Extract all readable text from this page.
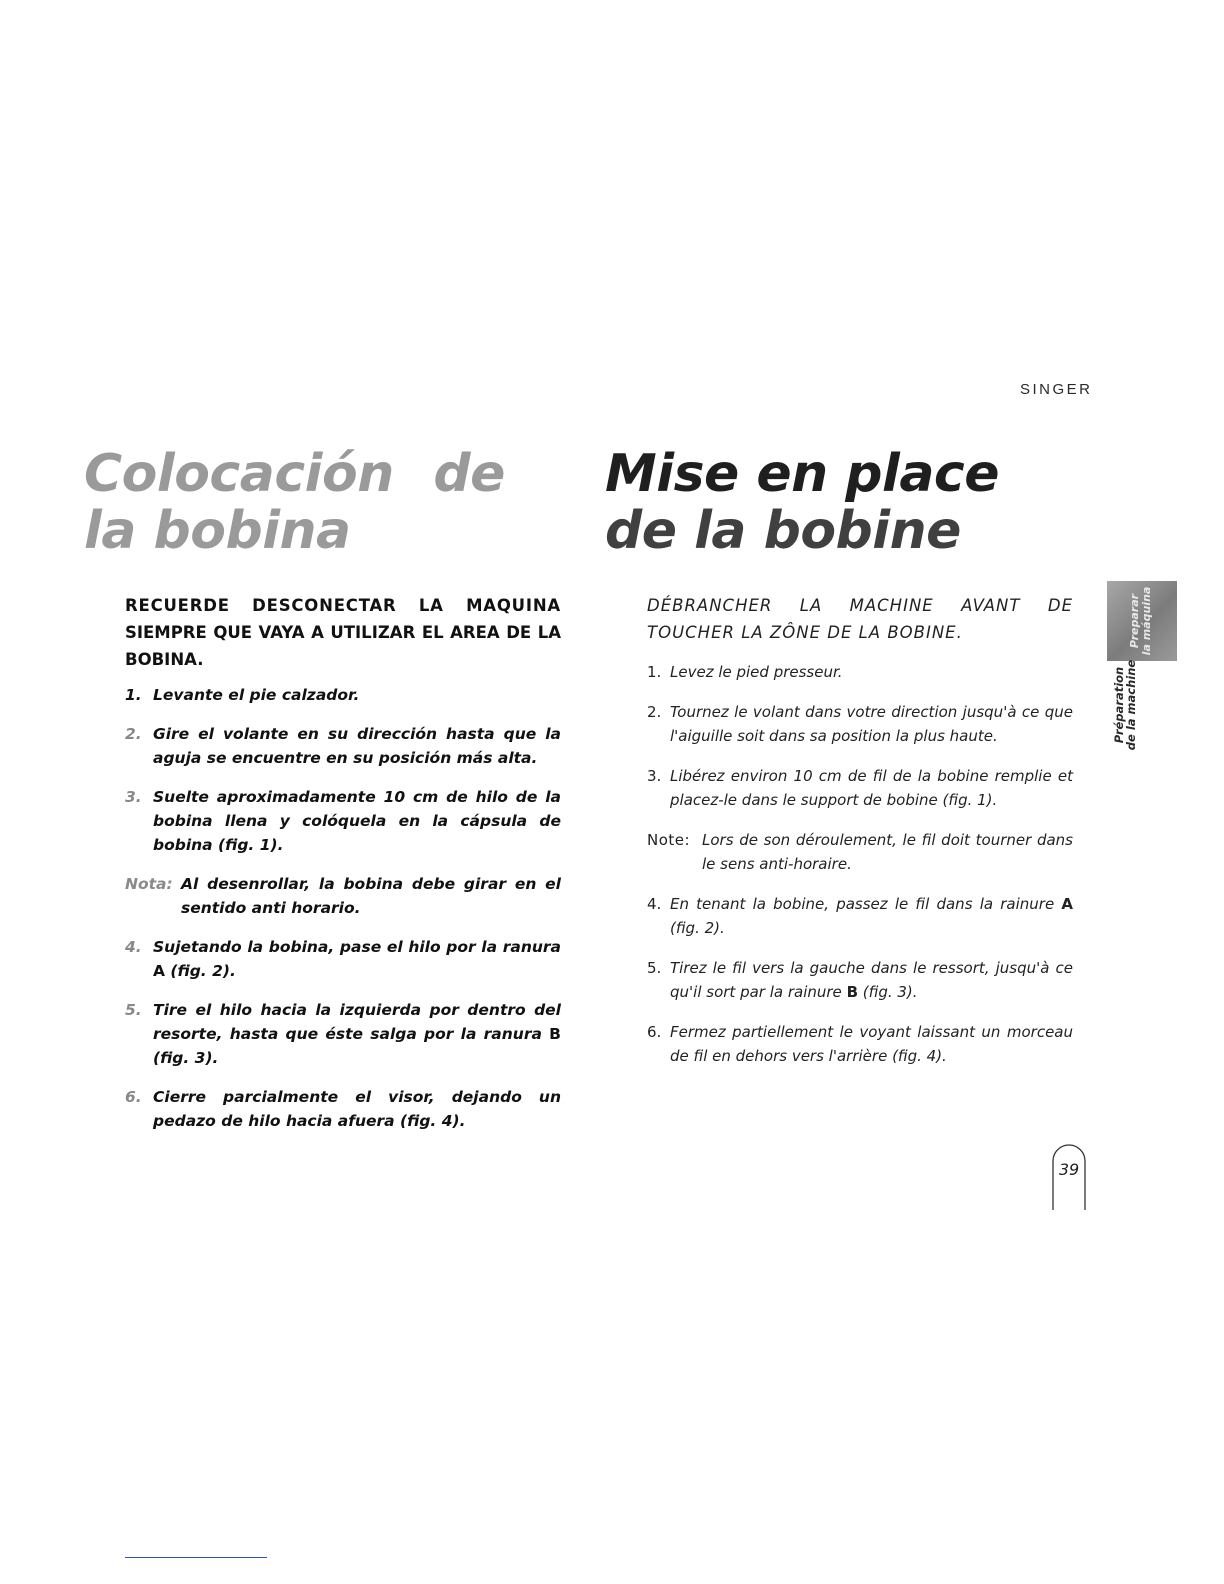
SINGER
Colocación de
la bobina
Mise en place
de la bobine

RECUERDE DESCONECTAR LA MAQUINA SIEMPRE QUE VAYA A UTILIZAR EL AREA DE LA BOBINA.

1. Levante el pie calzador.
2. Gire el volante en su dirección hasta que la aguja se encuentre en su posición más alta.
3. Suelte aproximadamente 10 cm de hilo de la bobina llena y colóquela en la cápsula de bobina (fig. 1).

Nota: Al desenrollar, la bobina debe girar en el sentido anti horario.

4. Sujetando la bobina, pase el hilo por la ranura A (fig. 2).
5. Tire el hilo hacia la izquierda por dentro del resorte, hasta que éste salga por la ranura B (fig. 3).
6. Cierre parcialmente el visor, dejando un pedazo de hilo hacia afuera (fig. 4).

DÉBRANCHER LA MACHINE AVANT DE TOUCHER LA ZÔNE DE LA BOBINE.

1. Levez le pied presseur.
2. Tournez le volant dans votre direction jusqu'à ce que l'aiguille soit dans sa position la plus haute.
3. Libérez environ 10 cm de fil de la bobine remplie et placez-le dans le support de bobine (fig. 1).

Note: Lors de son déroulement, le fil doit tourner dans le sens anti-horaire.

4. En tenant la bobine, passez le fil dans la rainure A (fig. 2).
5. Tirez le fil vers la gauche dans le ressort, jusqu'à ce qu'il sort par la rainure B (fig. 3).
6. Fermez partiellement le voyant laissant un morceau de fil en dehors vers l'arrière (fig. 4).
Preparar
la máquina
Préparation
de la machine
39
